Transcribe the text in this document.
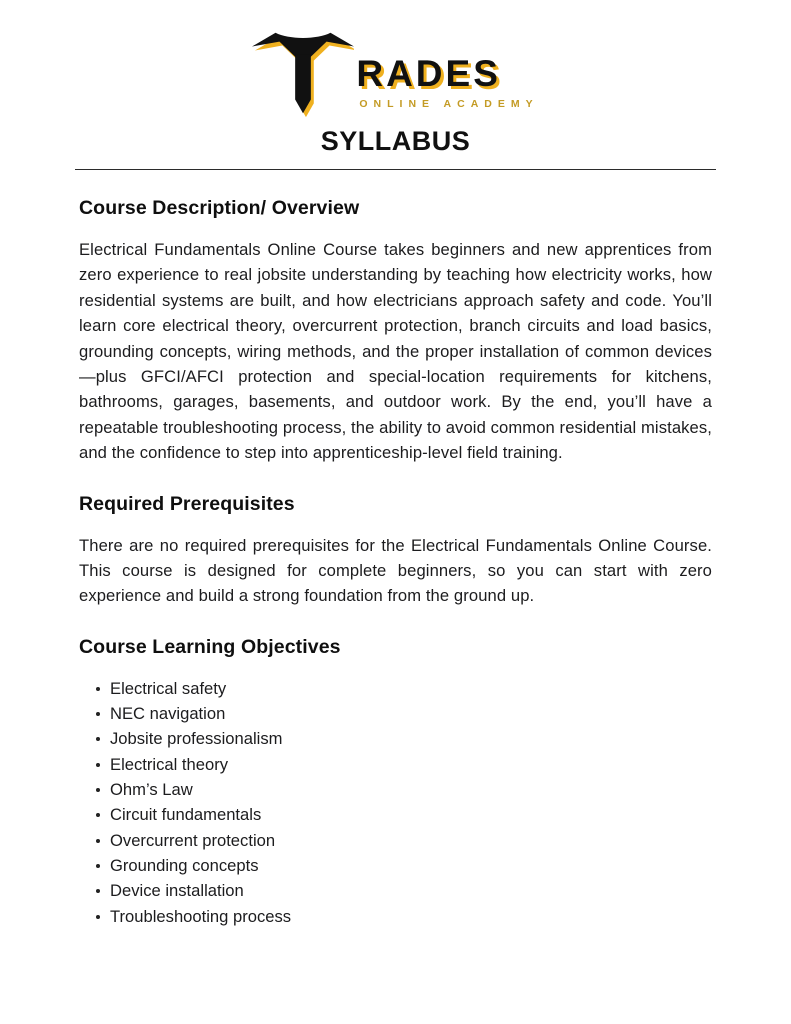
RADES
ONLINE ACADEMY
SYLLABUS
Course Description/ Overview

Electrical Fundamentals Online Course takes beginners and new apprentices from zero experience to real jobsite understanding by teaching how electricity works, how residential systems are built, and how electricians approach safety and code. You’ll learn core electrical theory, overcurrent protection, branch circuits and load basics, grounding concepts, wiring methods, and the proper installation of common devices—plus GFCI/AFCI protection and special-location requirements for kitchens, bathrooms, garages, basements, and outdoor work. By the end, you’ll have a repeatable troubleshooting process, the ability to avoid common residential mistakes, and the confidence to step into apprenticeship-level field training.

Required Prerequisites

There are no required prerequisites for the Electrical Fundamentals Online Course. This course is designed for complete beginners, so you can start with zero experience and build a strong foundation from the ground up.

Course Learning Objectives
Electrical safety
NEC navigation
Jobsite professionalism
Electrical theory
Ohm’s Law
Circuit fundamentals
Overcurrent protection
Grounding concepts
Device installation
Troubleshooting process
